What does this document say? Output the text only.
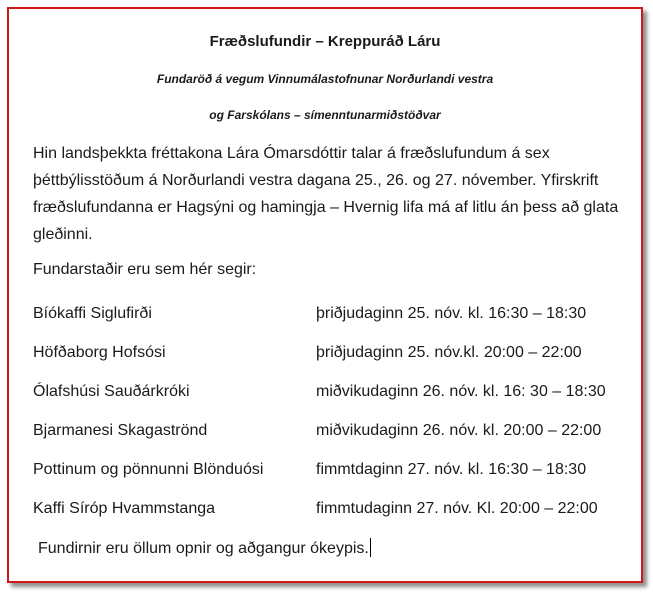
Fræðslufundir – Kreppuráð Láru
Fundaröð á vegum Vinnumálastofnunar Norðurlandi vestra
og Farskólans – símenntunarmiðstöðvar

Hin landsþekkta fréttakona Lára Ómarsdóttir talar á fræðslufundum á sex þéttbýlisstöðum á Norðurlandi vestra dagana 25., 26. og 27. nóvember. Yfirskrift fræðslufundanna er Hagsýni og hamingja – Hvernig lifa má af litlu án þess að glata gleðinni.

Fundarstaðir eru sem hér segir:
Bíókaffi Siglufirði	þriðjudaginn 25. nóv. kl. 16:30 – 18:30
Höfðaborg Hofsósi	þriðjudaginn 25. nóv.kl. 20:00 – 22:00
Ólafshúsi Sauðárkróki	miðvikudaginn 26. nóv. kl. 16: 30 – 18:30
Bjarmanesi Skagaströnd	miðvikudaginn 26. nóv. kl. 20:00 – 22:00
Pottinum og pönnunni Blönduósi	fimmtdaginn 27. nóv. kl. 16:30 – 18:30
Kaffi Síróp Hvammstanga	fimmtudaginn 27. nóv. Kl. 20:00 – 22:00
Fundirnir eru öllum opnir og aðgangur ókeypis.
